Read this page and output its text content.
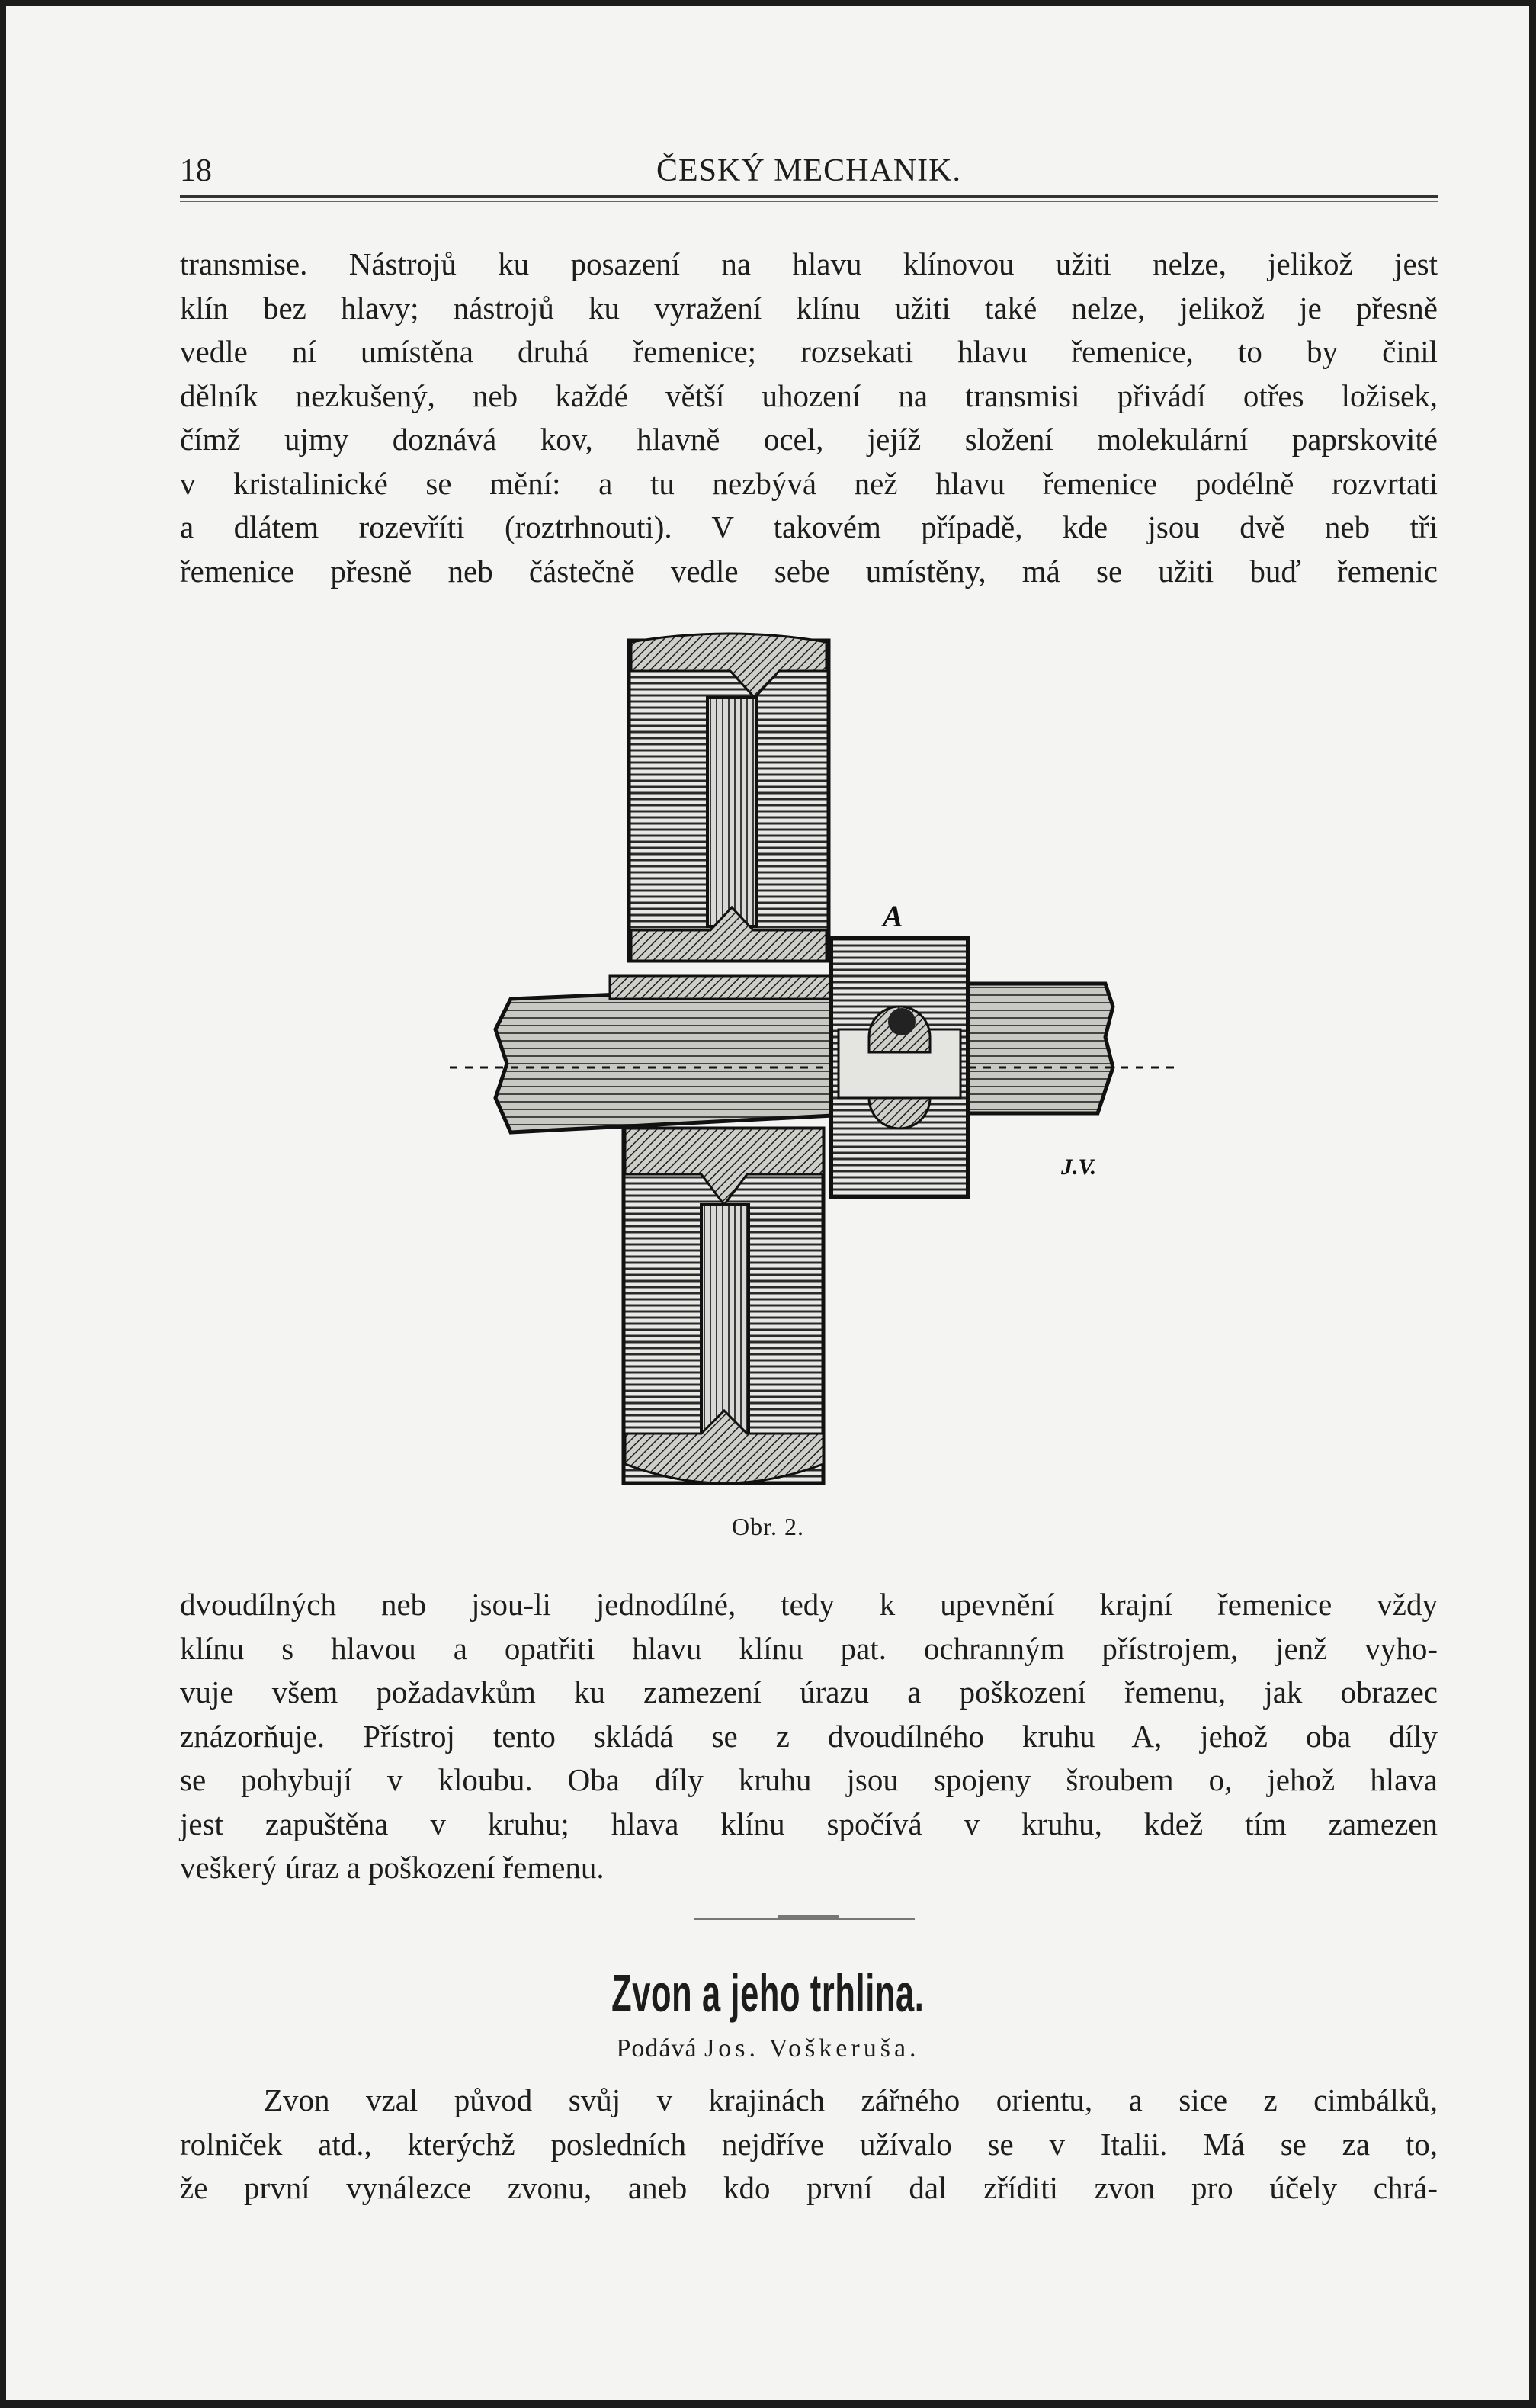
18	ČESKÝ MECHANIK.
transmise. Nástrojů ku posazení na hlavu klínovou užiti nelze, jelikož jest
klín bez hlavy; nástrojů ku vyražení klínu užiti také nelze, jelikož je přesně
vedle ní umístěna druhá řemenice; rozsekati hlavu řemenice, to by činil
dělník nezkušený, neb každé větší uhození na transmisi přivádí otřes ložisek,
čímž ujmy doznává kov, hlavně ocel, jejíž složení molekulární paprskovité
v kristalinické se mění: a tu nezbývá než hlavu řemenice podélně rozvrtati
a dlátem rozevříti (roztrhnouti). V takovém případě, kde jsou dvě neb tři
řemenice přesně neb částečně vedle sebe umístěny, má se užiti buď řemenic
A
J.V.
Obr. 2.
dvoudílných neb jsou-li jednodílné, tedy k upevnění krajní řemenice vždy
klínu s hlavou a opatřiti hlavu klínu pat. ochranným přístrojem, jenž vyho-
vuje všem požadavkům ku zamezení úrazu a poškození řemenu, jak obrazec
znázorňuje. Přístroj tento skládá se z dvoudílného kruhu A, jehož oba díly
se pohybují v kloubu. Oba díly kruhu jsou spojeny šroubem o, jehož hlava
jest zapuštěna v kruhu; hlava klínu spočívá v kruhu, kdež tím zamezen
veškerý úraz a poškození řemenu.
Zvon a jeho trhlina.
Podává Jos. Voškeruša.
Zvon vzal původ svůj v krajinách zářného orientu, a sice z cimbálků,
rolniček atd., kterýchž posledních nejdříve užívalo se v Italii. Má se za to,
že první vynálezce zvonu, aneb kdo první dal zříditi zvon pro účely chrá-
